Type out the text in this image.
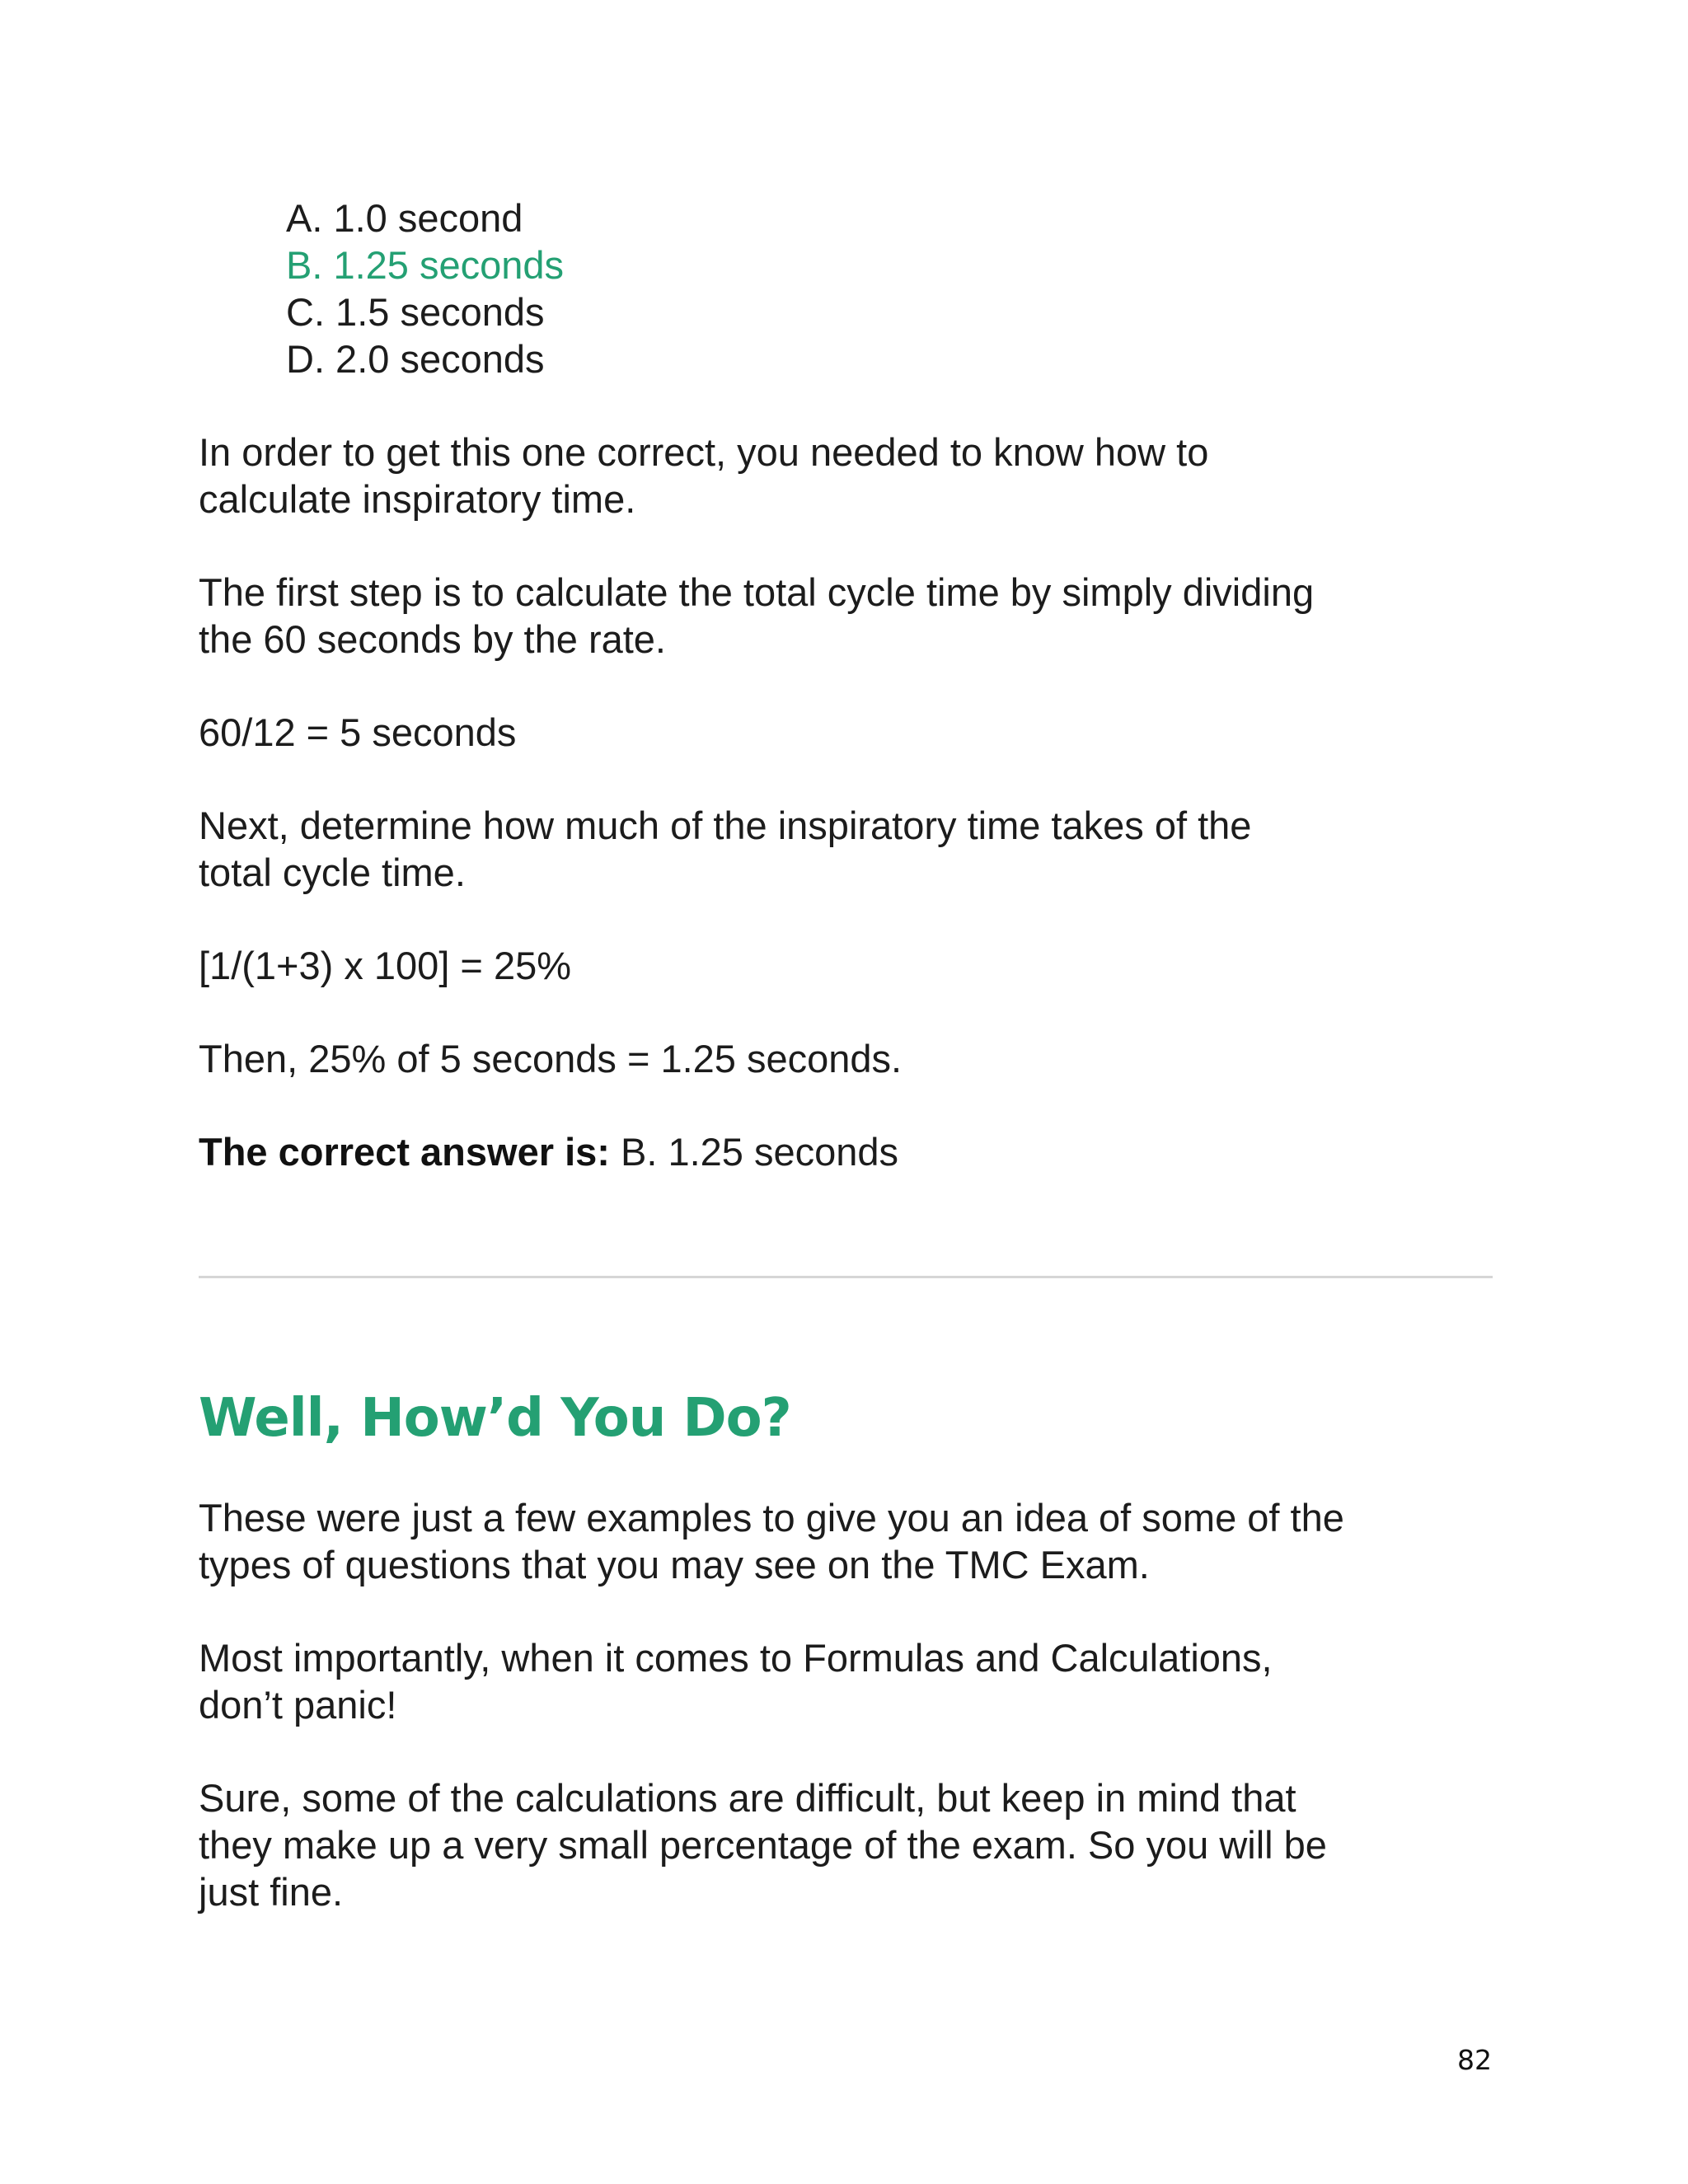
A. 1.0 second
B. 1.25 seconds
C. 1.5 seconds
D. 2.0 seconds

In order to get this one correct, you needed to know how to
calculate inspiratory time.

The first step is to calculate the total cycle time by simply dividing
the 60 seconds by the rate.

60/12 = 5 seconds

Next, determine how much of the inspiratory time takes of the
total cycle time.

[1/(1+3) x 100] = 25%

Then, 25% of 5 seconds = 1.25 seconds.

The correct answer is: B. 1.25 seconds

Well, How’d You Do?

These were just a few examples to give you an idea of some of the
types of questions that you may see on the TMC Exam.

Most importantly, when it comes to Formulas and Calculations,
don’t panic!

Sure, some of the calculations are difficult, but keep in mind that
they make up a very small percentage of the exam. So you will be
just fine.

82
